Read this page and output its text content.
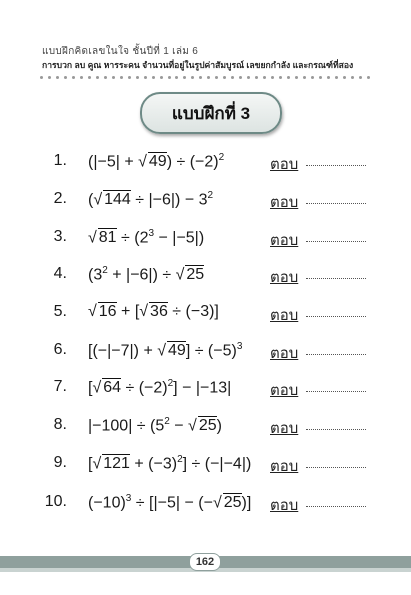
แบบฝึกคิดเลขในใจ ชั้นปีที่ 1 เล่ม 6
การบวก ลบ คูณ หารระคน จำนวนที่อยู่ในรูปค่าสัมบูรณ์ เลขยกกำลัง และกรณฑ์ที่สอง
แบบฝึกที่ 3
1. (|−5| + √ $49) \div (-2)^2$	ตอบ
2. (√ $144 \div |-6|) - 3^2$	ตอบ
3. √ $81 \div (2^3 - |-5|)$	ตอบ
4. $(3^2 + |-6|)$ ÷ √ 25	ตอบ
5. √ 16 + [√ 36 ÷ (−3)]	ตอบ
6. [(−|−7|) + √ $49] \div (-5)^3$ ตอบ
7. [√ $64 \div (-2)^2] - |-13|$	ตอบ
8. $|-100| \div (5^2$ − √ 25)	ตอบ
9. [√ $121 + (-3)^2] \div (-|-4|)$ ตอบ
10. $(-10)^3 \div [|-5|$ − (−√ 25)] ตอบ
162
